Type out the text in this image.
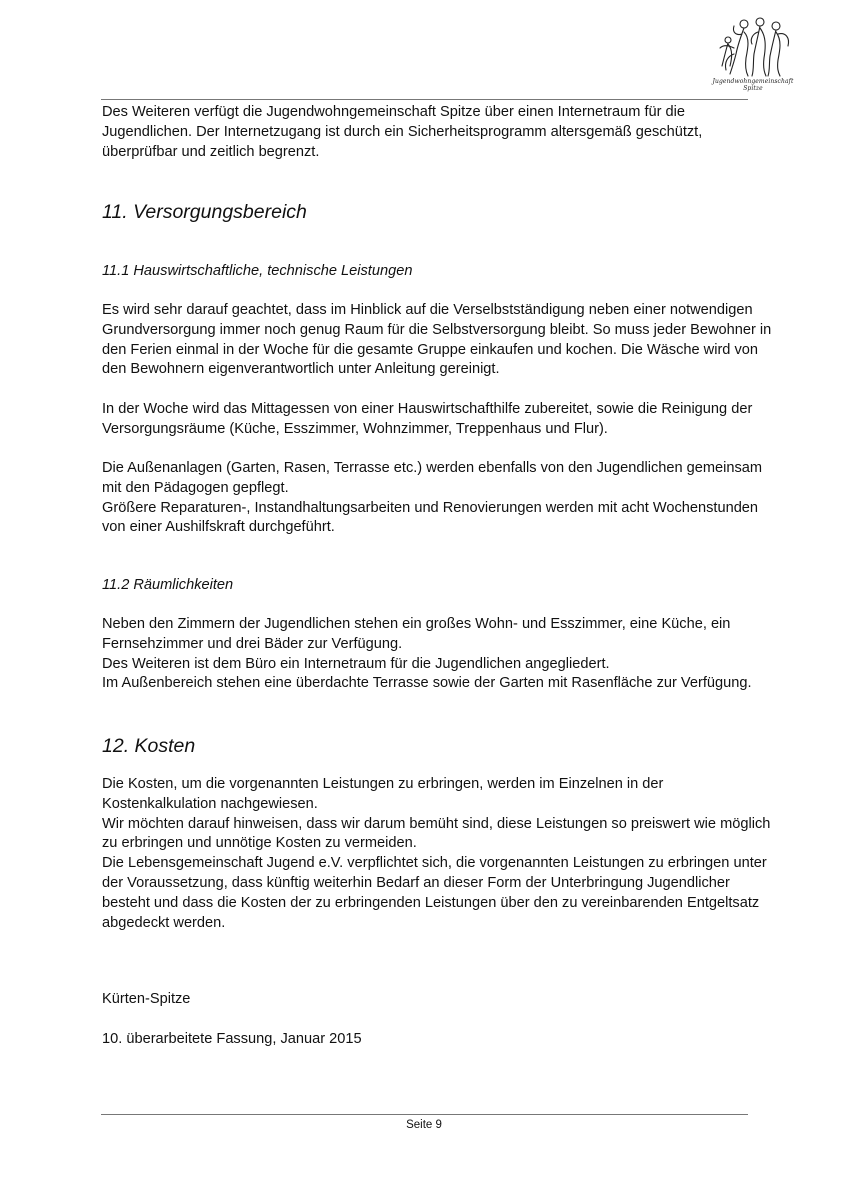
Jugendwohngemeinschaft Spitze

Des Weiteren verfügt die Jugendwohngemeinschaft Spitze über einen Internetraum für die

Jugendlichen. Der Internetzugang ist durch ein Sicherheitsprogramm altersgemäß geschützt,

überprüfbar und zeitlich begrenzt.

11. Versorgungsbereich
11.1 Hauswirtschaftliche, technische Leistungen

Es wird sehr darauf geachtet, dass im Hinblick auf die Verselbstständigung neben einer notwendigen

Grundversorgung immer noch genug Raum für die Selbstversorgung bleibt. So muss jeder Bewohner in

den Ferien einmal in der Woche für die gesamte Gruppe einkaufen und kochen. Die Wäsche wird von

den Bewohnern eigenverantwortlich unter Anleitung gereinigt.

In der Woche wird das Mittagessen von einer Hauswirtschafthilfe zubereitet, sowie die Reinigung der

Versorgungsräume (Küche, Esszimmer, Wohnzimmer, Treppenhaus und Flur).

Die Außenanlagen (Garten, Rasen, Terrasse etc.) werden ebenfalls von den Jugendlichen gemeinsam

mit den Pädagogen gepflegt.

Größere Reparaturen-, Instandhaltungsarbeiten und Renovierungen werden mit acht Wochenstunden

von einer Aushilfskraft durchgeführt.

11.2 Räumlichkeiten

Neben den Zimmern der Jugendlichen stehen ein großes Wohn- und Esszimmer, eine Küche, ein

Fernsehzimmer und drei Bäder zur Verfügung.

Des Weiteren ist dem Büro ein Internetraum für die Jugendlichen angegliedert.

Im Außenbereich stehen eine überdachte Terrasse sowie der Garten mit Rasenfläche zur Verfügung.

12. Kosten

Die Kosten, um die vorgenannten Leistungen zu erbringen, werden im Einzelnen in der

Kostenkalkulation nachgewiesen.

Wir möchten darauf hinweisen, dass wir darum bemüht sind, diese Leistungen so preiswert wie möglich

zu erbringen und unnötige Kosten zu vermeiden.

Die Lebensgemeinschaft Jugend e.V. verpflichtet sich, die vorgenannten Leistungen zu erbringen unter

der Voraussetzung, dass künftig weiterhin Bedarf an dieser Form der Unterbringung Jugendlicher

besteht und dass die Kosten der zu erbringenden Leistungen über den zu vereinbarenden Entgeltsatz

abgedeckt werden.

Kürten-Spitze

10. überarbeitete Fassung, Januar 2015

Seite 9
